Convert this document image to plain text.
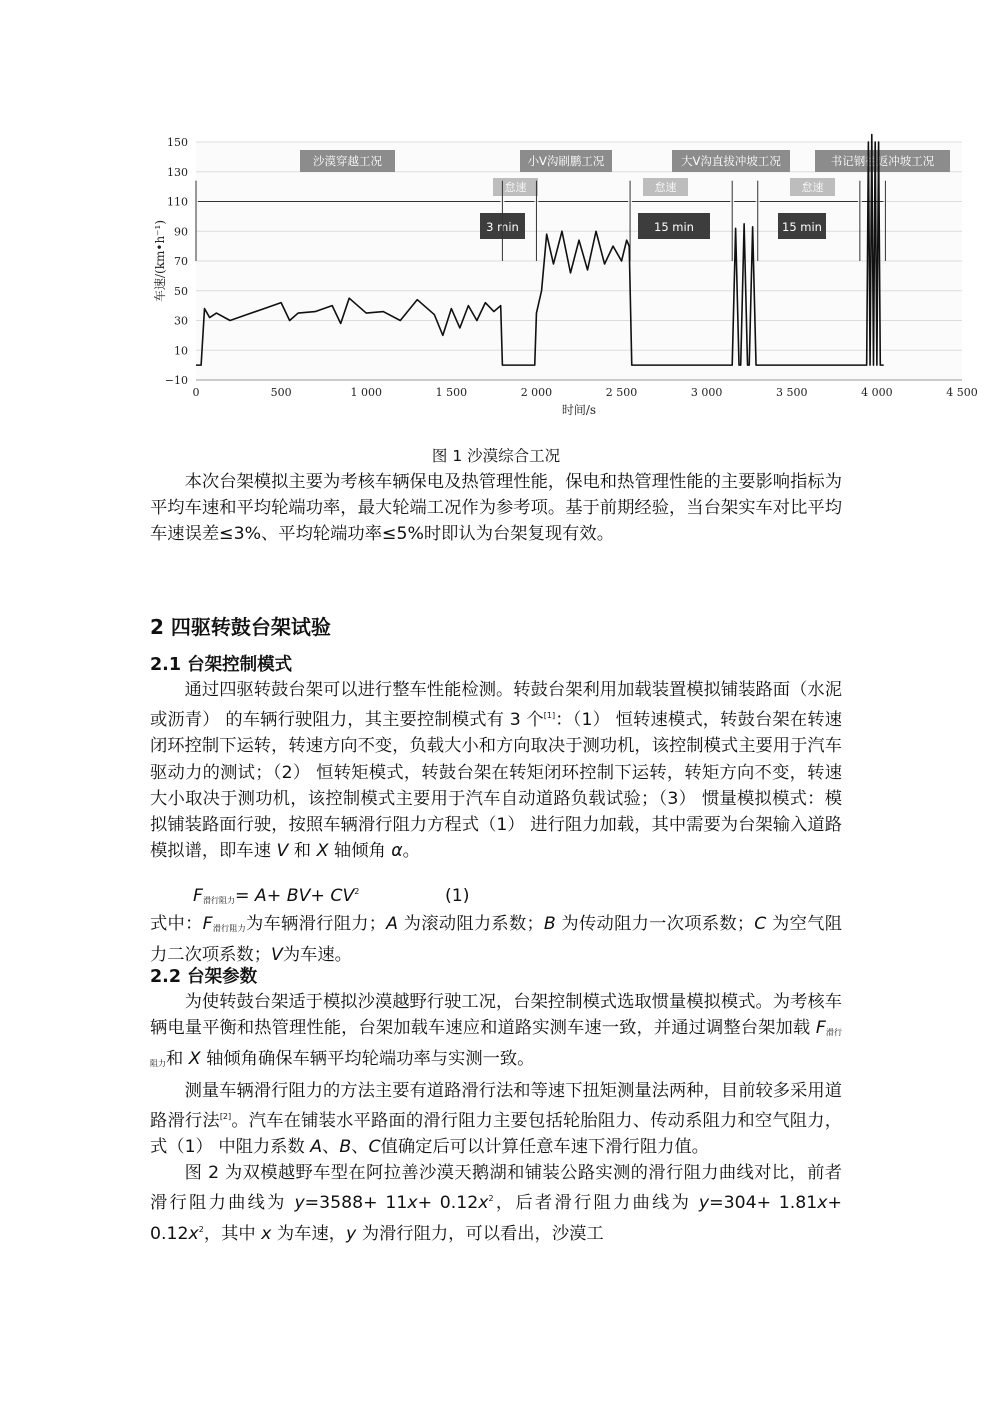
−10
10
30
50
70
90
110
130
150
0	500	1 000	1 500	2 000	2 500	3 000	3 500	4 000	4 500
时间/s
车速/(km•h⁻¹)
沙漠穿越工况	小V沟刷鹏工况	大V沟直拔冲坡工况	书记钢往返冲坡工况
怠速	怠速	怠速
3 min	15 min	15 min
图 1 沙漠综合工况

本次台架模拟主要为考核车辆保电及热管理性能，保电和热管理性能的主要影响指标为平均车速和平均轮端功率，最大轮端工况作为参考项。基于前期经验，当台架实车对比平均车速误差≤3%、平均轮端功率≤5%时即认为台架复现有效。

2 四驱转鼓台架试验
2.1 台架控制模式

通过四驱转鼓台架可以进行整车性能检测。转鼓台架利用加载装置模拟铺装路面（水泥或沥青） 的车辆行驶阻力，其主要控制模式有 3 个[1]：（1） 恒转速模式，转鼓台架在转速闭环控制下运转，转速方向不变，负载大小和方向取决于测功机，该控制模式主要用于汽车驱动力的测试；（2） 恒转矩模式，转鼓台架在转矩闭环控制下运转，转矩方向不变，转速大小取决于测功机，该控制模式主要用于汽车自动道路负载试验；（3） 惯量模拟模式：模拟铺装路面行驶，按照车辆滑行阻力方程式（1） 进行阻力加载，其中需要为台架输入道路模拟谱，即车速 V 和 X 轴倾角 α。

$F_{滑行阻力}= A+ BV+ CV^2$	(1)

式中：$F_{滑行阻力}$为车辆滑行阻力；A 为滚动阻力系数；B 为传动阻力一次项系数；C 为空气阻力二次项系数；V为车速。

2.2 台架参数

为使转鼓台架适于模拟沙漠越野行驶工况，台架控制模式选取惯量模拟模式。为考核车辆电量平衡和热管理性能，台架加载车速应和道路实测车速一致，并通过调整台架加载 $F_{滑行阻力}$和 X 轴倾角确保车辆平均轮端功率与实测一致。

测量车辆滑行阻力的方法主要有道路滑行法和等速下扭矩测量法两种，目前较多采用道路滑行法[2]。汽车在铺装水平路面的滑行阻力主要包括轮胎阻力、传动系阻力和空气阻力，式（1） 中阻力系数 A、B、C值确定后可以计算任意车速下滑行阻力值。

图 2 为双模越野车型在阿拉善沙漠天鹅湖和铺装公路实测的滑行阻力曲线对比，前者滑行阻力曲线为 $y=3588+ 11x+ 0.12x^2$，后者滑行阻力曲线为 $y=304+ 1.81x+ 0.12x^2$，其中 x 为车速，y 为滑行阻力，可以看出，沙漠工
